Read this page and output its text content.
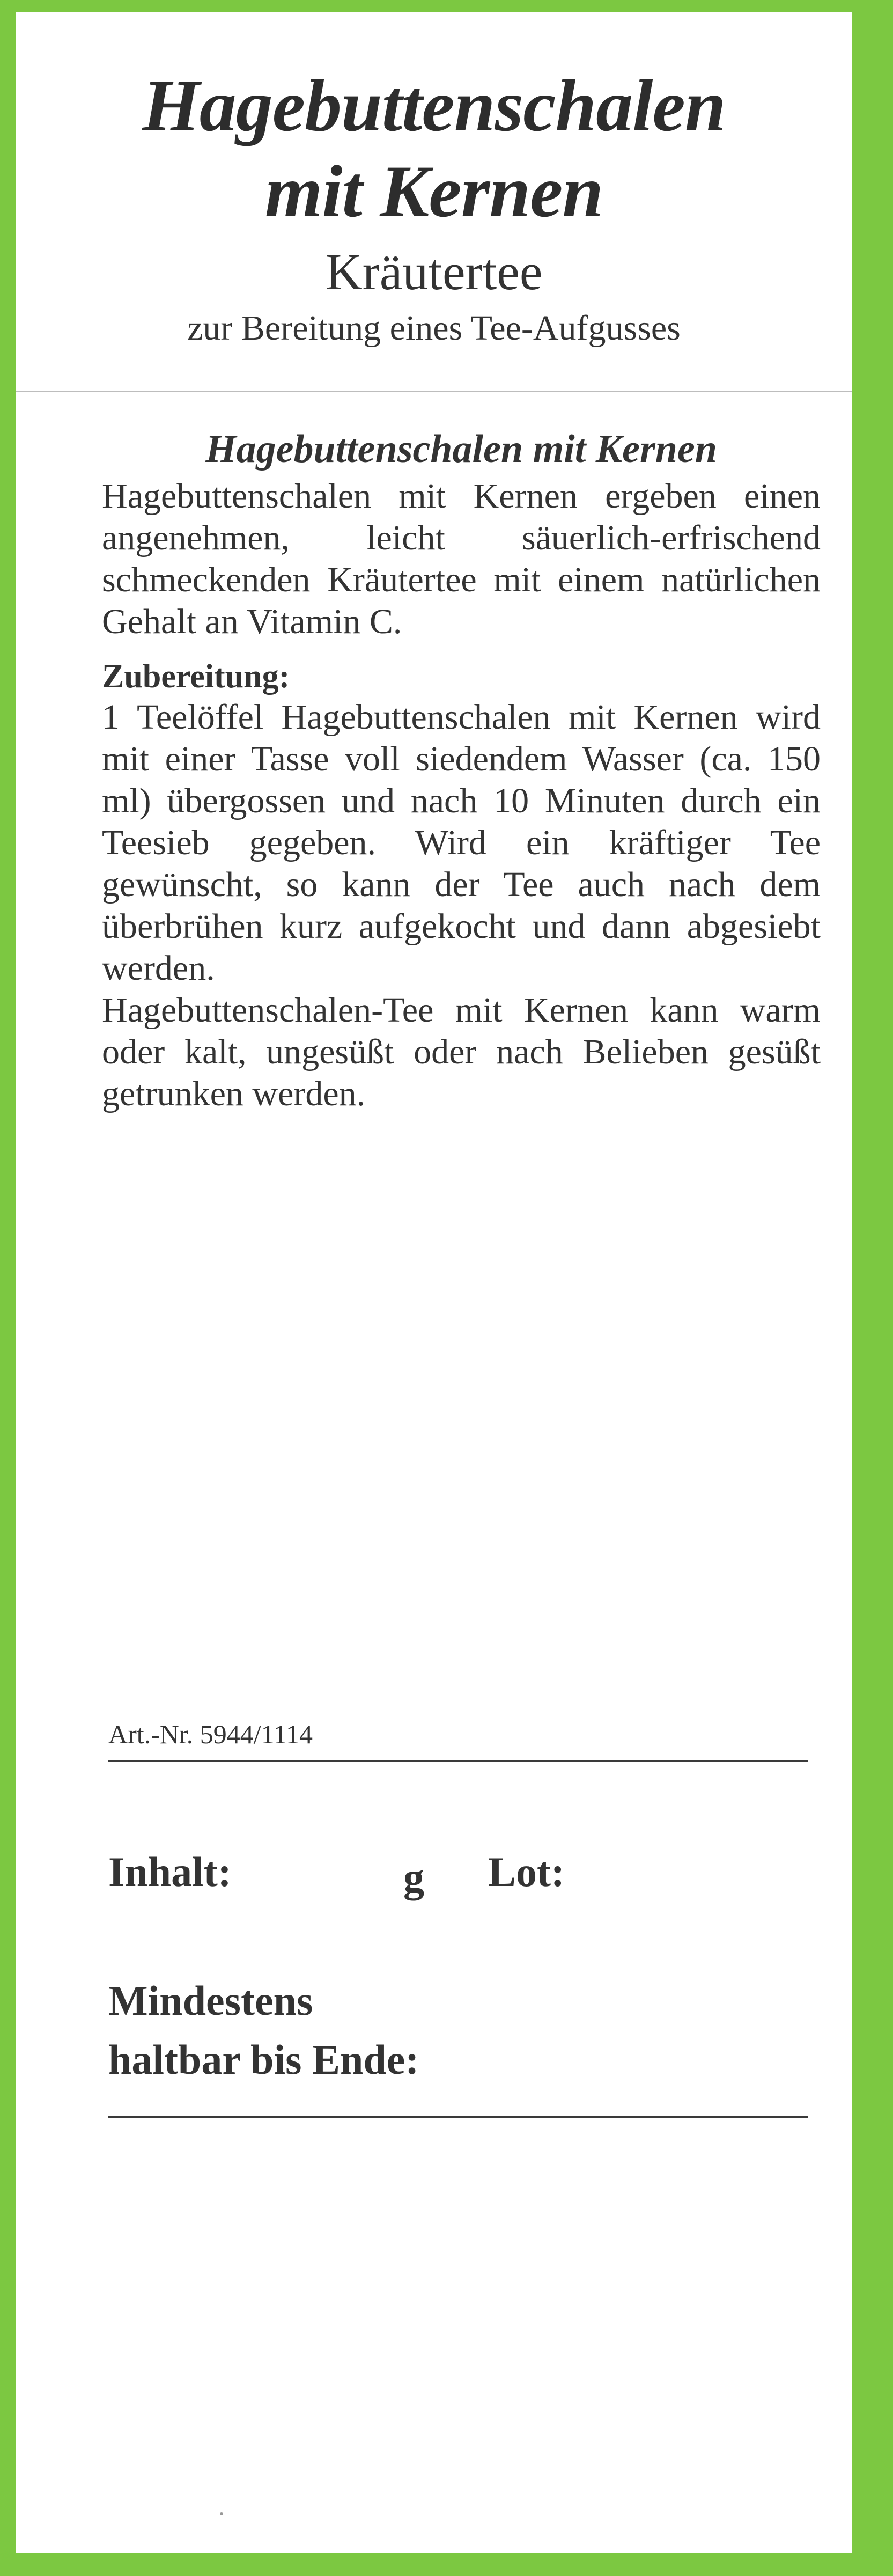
Hagebuttenschalen
mit Kernen
Kräutertee
zur Bereitung eines Tee-Aufgusses
Hagebuttenschalen mit Kernen

Hagebuttenschalen mit Kernen ergeben einen angenehmen, leicht säuerlich-erfrischend schmeckenden Kräutertee mit einem natürlichen Gehalt an Vitamin C.

Zubereitung:

1 Teelöffel Hagebuttenschalen mit Kernen wird mit einer Tasse voll siedendem Wasser (ca. 150 ml) übergossen und nach 10 Minuten durch ein Teesieb gegeben. Wird ein kräftiger Tee gewünscht, so kann der Tee auch nach dem überbrühen kurz aufgekocht und dann abgesiebt werden.

Hagebuttenschalen-Tee mit Kernen kann warm oder kalt, ungesüßt oder nach Belieben gesüßt getrunken werden.

Art.-Nr. 5944/1114
Inhalt:	g Lot:
Mindestens
haltbar bis Ende:
